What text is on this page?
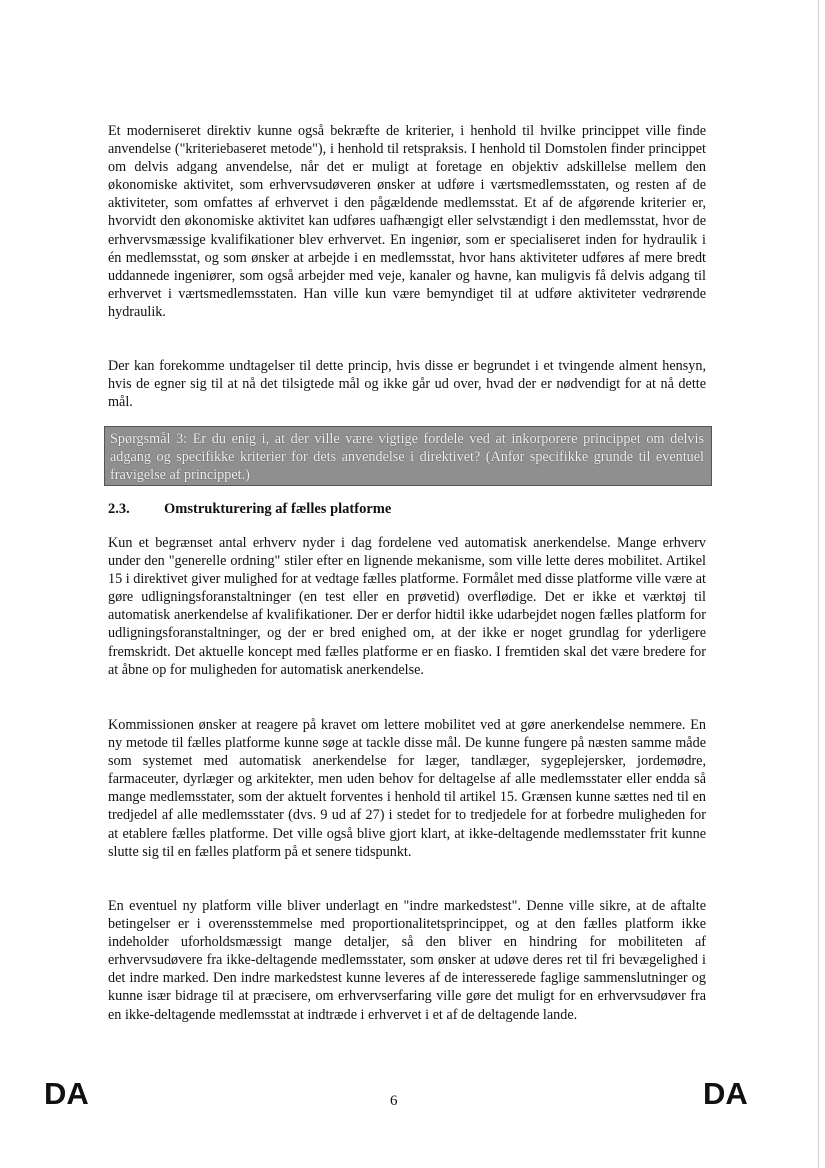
Et moderniseret direktiv kunne også bekræfte de kriterier, i henhold til hvilke princippet ville finde anvendelse ("kriteriebaseret metode"), i henhold til retspraksis. I henhold til Domstolen finder princippet om delvis adgang anvendelse, når det er muligt at foretage en objektiv adskillelse mellem den økonomiske aktivitet, som erhvervsudøveren ønsker at udføre i værtsmedlemsstaten, og resten af de aktiviteter, som omfattes af erhvervet i den pågældende medlemsstat. Et af de afgørende kriterier er, hvorvidt den økonomiske aktivitet kan udføres uafhængigt eller selvstændigt i den medlemsstat, hvor de erhvervsmæssige kvalifikationer blev erhvervet. En ingeniør, som er specialiseret inden for hydraulik i én medlemsstat, og som ønsker at arbejde i en medlemsstat, hvor hans aktiviteter udføres af mere bredt uddannede ingeniører, som også arbejder med veje, kanaler og havne, kan muligvis få delvis adgang til erhvervet i værtsmedlemsstaten. Han ville kun være bemyndiget til at udføre aktiviteter vedrørende hydraulik.

Der kan forekomme undtagelser til dette princip, hvis disse er begrundet i et tvingende alment hensyn, hvis de egner sig til at nå det tilsigtede mål og ikke går ud over, hvad der er nødvendigt for at nå dette mål.

Spørgsmål 3: Er du enig i, at der ville være vigtige fordele ved at inkorporere princippet om delvis adgang og specifikke kriterier for dets anvendelse i direktivet? (Anfør specifikke grunde til eventuel fravigelse af princippet.)

2.3. Omstrukturering af fælles platforme

Kun et begrænset antal erhverv nyder i dag fordelene ved automatisk anerkendelse. Mange erhverv under den "generelle ordning" stiler efter en lignende mekanisme, som ville lette deres mobilitet. Artikel 15 i direktivet giver mulighed for at vedtage fælles platforme. Formålet med disse platforme ville være at gøre udligningsforanstaltninger (en test eller en prøvetid) overflødige. Det er ikke et værktøj til automatisk anerkendelse af kvalifikationer. Der er derfor hidtil ikke udarbejdet nogen fælles platform for udligningsforanstaltninger, og der er bred enighed om, at der ikke er noget grundlag for yderligere fremskridt. Det aktuelle koncept med fælles platforme er en fiasko. I fremtiden skal det være bredere for at åbne op for muligheden for automatisk anerkendelse.

Kommissionen ønsker at reagere på kravet om lettere mobilitet ved at gøre anerkendelse nemmere. En ny metode til fælles platforme kunne søge at tackle disse mål. De kunne fungere på næsten samme måde som systemet med automatisk anerkendelse for læger, tandlæger, sygeplejersker, jordemødre, farmaceuter, dyrlæger og arkitekter, men uden behov for deltagelse af alle medlemsstater eller endda så mange medlemsstater, som der aktuelt forventes i henhold til artikel 15. Grænsen kunne sættes ned til en tredjedel af alle medlemsstater (dvs. 9 ud af 27) i stedet for to tredjedele for at forbedre muligheden for at etablere fælles platforme. Det ville også blive gjort klart, at ikke-deltagende medlemsstater frit kunne slutte sig til en fælles platform på et senere tidspunkt.

En eventuel ny platform ville bliver underlagt en "indre markedstest". Denne ville sikre, at de aftalte betingelser er i overensstemmelse med proportionalitetsprincippet, og at den fælles platform ikke indeholder uforholdsmæssigt mange detaljer, så den bliver en hindring for mobiliteten af erhvervsudøvere fra ikke-deltagende medlemsstater, som ønsker at udøve deres ret til fri bevægelighed i det indre marked. Den indre markedstest kunne leveres af de interesserede faglige sammenslutninger og kunne især bidrage til at præcisere, om erhvervserfaring ville gøre det muligt for en erhvervsudøver fra en ikke-deltagende medlemsstat at indtræde i erhvervet i et af de deltagende lande.

DA	6	DA
